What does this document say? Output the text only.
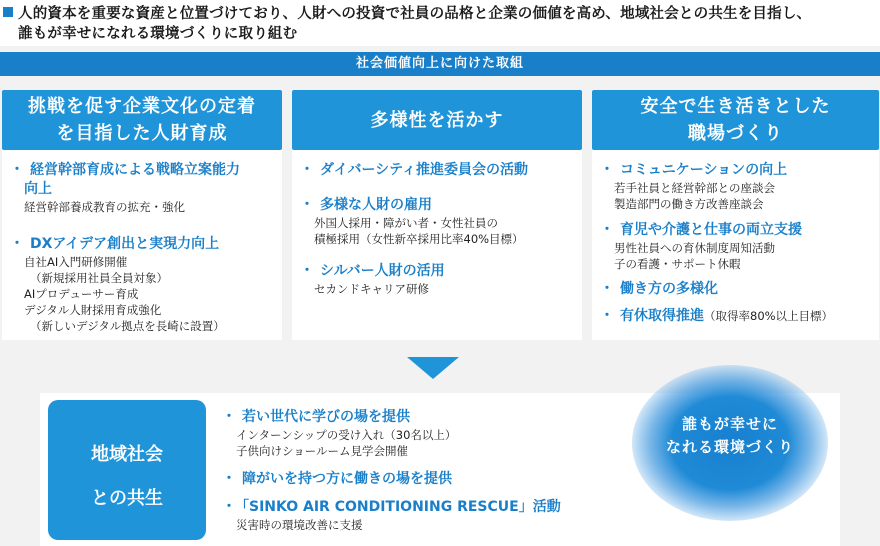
人的資本を重要な資産と位置づけており、人財への投資で社員の品格と企業の価値を高め、地域社会との共生を目指し、
誰もが幸せになれる環境づくりに取り組む
社会価値向上に向けた取組
挑戦を促す企業文化の定着
を目指した人財育成
・ 経営幹部育成による戦略立案能力
向上
経営幹部養成教育の拡充・強化
・ DXアイデア創出と実現力向上
自社AI入門研修開催
（新規採用社員全員対象）
AIプロデューサー育成
デジタル人財採用育成強化
（新しいデジタル拠点を長崎に設置）
多様性を活かす
・ ダイバーシティ推進委員会の活動
・ 多様な人財の雇用
外国人採用・障がい者・女性社員の
積極採用（女性新卒採用比率40%目標）
・ シルバー人財の活用
セカンドキャリア研修
安全で生き活きとした
職場づくり
・ コミュニケーションの向上
若手社員と経営幹部との座談会
製造部門の働き方改善座談会
・ 育児や介護と仕事の両立支援
男性社員への育休制度周知活動
子の看護・サポート休暇
・ 働き方の多様化
・ 有休取得推進（取得率80%以上目標）
地域社会
との共生
・ 若い世代に学びの場を提供
インターンシップの受け入れ（30名以上）
子供向けショールーム見学会開催
・ 障がいを持つ方に働きの場を提供
・ 「SINKO AIR CONDITIONING RESCUE」活動
災害時の環境改善に支援
誰もが幸せに
なれる環境づくり
